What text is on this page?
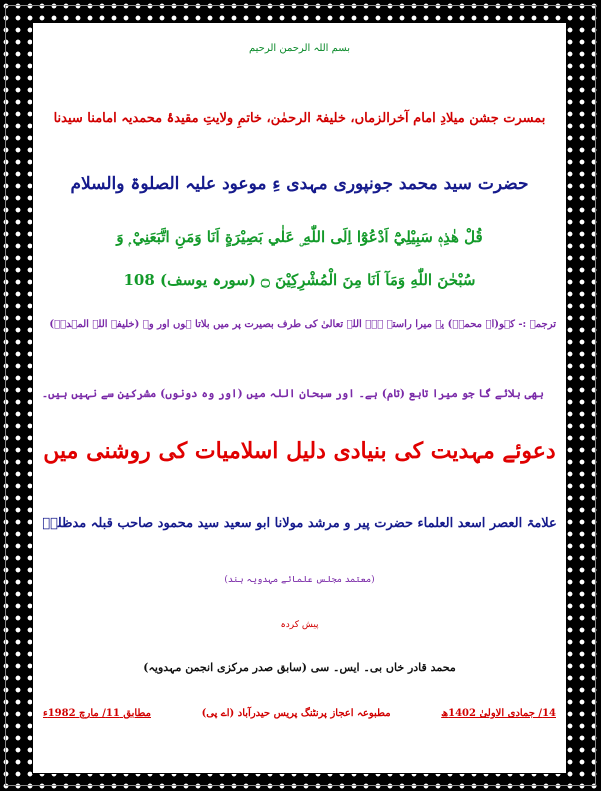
بسم اللہ الرحمن الرحیم
بمسرت جشن میلادِ امام آخرالزماں، خلیفۃ الرحمٰن، خاتمِ ولایتِ مقیدۂ محمدیہ امامنا سیدنا
حضرت سید محمد جونپوری مہدی ءِ موعود علیہ الصلوۃ والسلام
قُلْ هٰذِهٖ سَبِيْلِيْٓ اَدْعُوْٓا اِلَى اللّٰهِ ۣ عَلٰي بَصِيْرَةٍ اَنَا وَمَنِ اتَّبَعَنِيْ ۭ وَ
سُبْحٰنَ اللّٰهِ وَمَآ اَنَا مِنَ الْمُشْرِكِيْنَ ۝ (سورہ یوسف) 108
ترجمہ :- کہو(اے محمدؐ) یہ میرا راستہ ہے۔ اللہ تعالیٰ کی طرف بصیرت پر میں بلاتا ہوں اور وہ (خلیفۃ اللہ المہدیؑ)
بھی بلائے گا جو میرا تابع (تام) ہے۔ اور سبحان اللہ میں (اور وہ دونوں) مشرکین سے نہیں ہیں۔
دعوئے مہدیت کی بنیادی دلیل اسلامیات کی روشنی میں
علامۃ العصر اسعد العلماء حضرت پیر و مرشد مولانا ابو سعید سید محمود صاحب قبلہ مدظلہٗ
(معتمد مجلس علمائے مہدویہ ہند)
پیش کردہ
محمد قادر خاں بی۔ ایس۔ سی (سابق صدر مرکزی انجمن مہدویہ)
14/ جمادی الاولیٰ 1402ھ
مطبوعہ اعجاز پرنٹنگ پریس حیدرآباد (اے پی)
مطابق 11/ مارچ 1982ء
